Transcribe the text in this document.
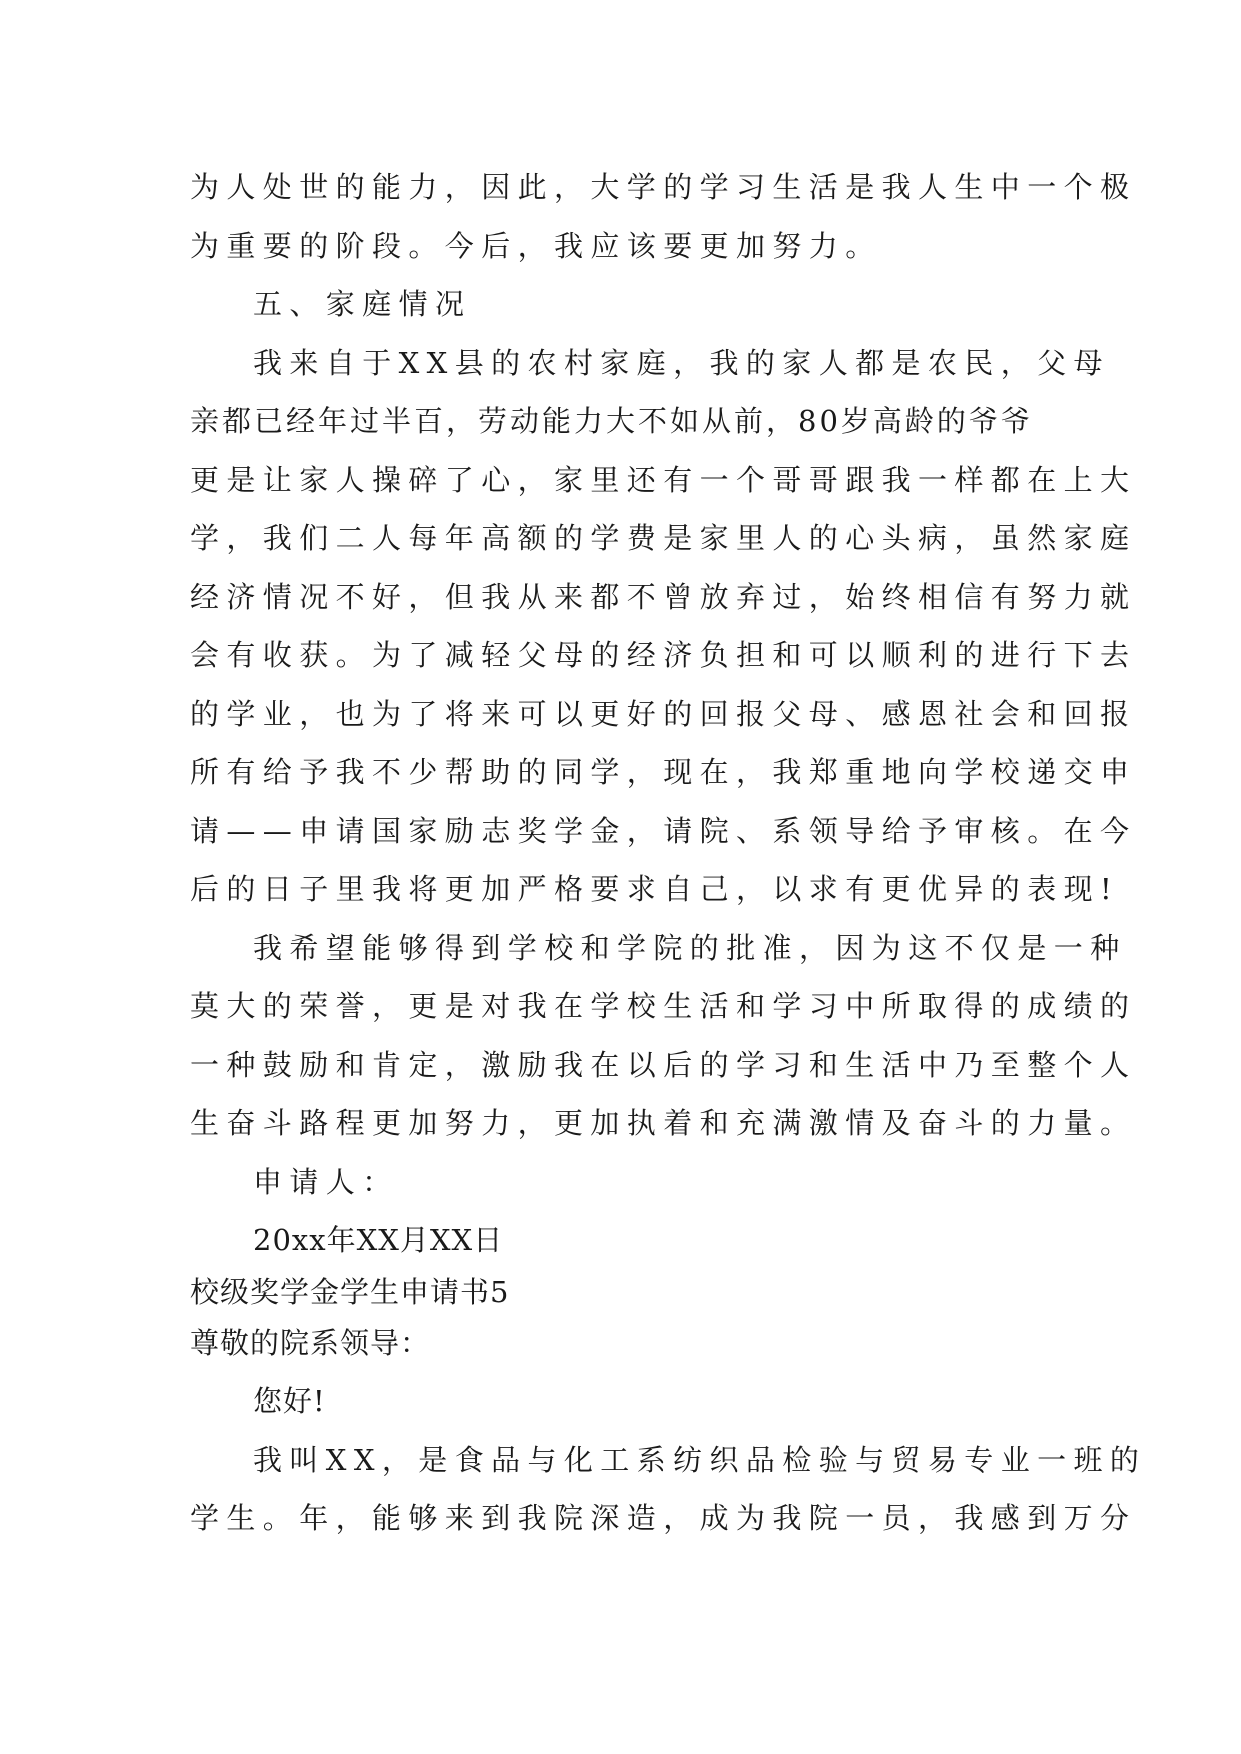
为人处世的能力，因此，大学的学习生活是我人生中一个极
为重要的阶段。今后，我应该要更加努力。
五、家庭情况
我来自于XX县的农村家庭，我的家人都是农民，父母
亲都已经年过半百，劳动能力大不如从前，80岁高龄的爷爷
更是让家人操碎了心，家里还有一个哥哥跟我一样都在上大
学，我们二人每年高额的学费是家里人的心头病，虽然家庭
经济情况不好，但我从来都不曾放弃过，始终相信有努力就
会有收获。为了减轻父母的经济负担和可以顺利的进行下去
的学业，也为了将来可以更好的回报父母、感恩社会和回报
所有给予我不少帮助的同学，现在，我郑重地向学校递交申
请——申请国家励志奖学金，请院、系领导给予审核。在今
后的日子里我将更加严格要求自己，以求有更优异的表现!
我希望能够得到学校和学院的批准，因为这不仅是一种
莫大的荣誉，更是对我在学校生活和学习中所取得的成绩的
一种鼓励和肯定，激励我在以后的学习和生活中乃至整个人
生奋斗路程更加努力，更加执着和充满激情及奋斗的力量。
申请人：
20xx年XX月XX日
校级奖学金学生申请书5
尊敬的院系领导：
您好!
我叫XX，是食品与化工系纺织品检验与贸易专业一班的
学生。年，能够来到我院深造，成为我院一员，我感到万分
